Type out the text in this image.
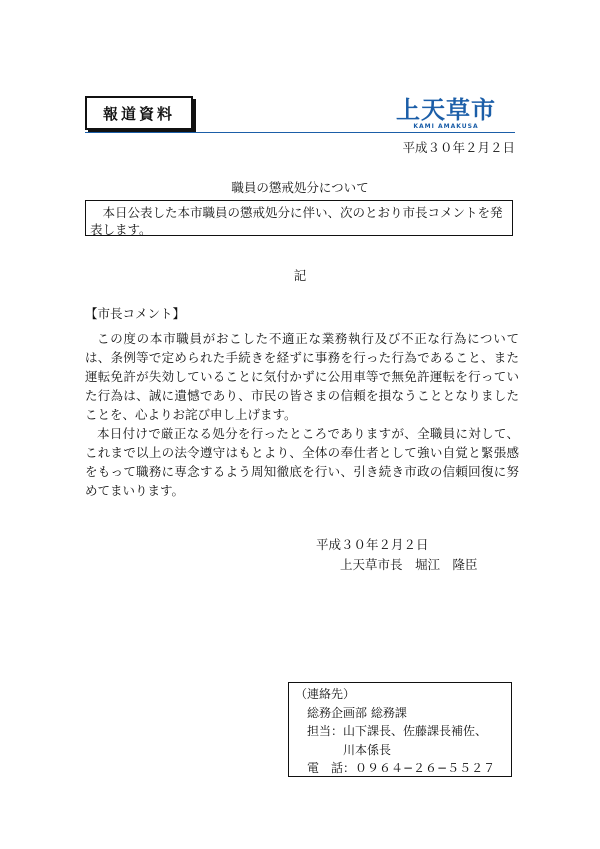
報道資料	上天草市
KAMI AMAKUSA
平成３０年２月２日
職員の懲戒処分について
　本日公表した本市職員の懲戒処分に伴い、次のとおり市長コメントを発表します。
記
【市長コメント】

この度の本市職員がおこした不適正な業務執行及び不正な行為については、条例等で定められた手続きを経ずに事務を行った行為であること、また運転免許が失効していることに気付かずに公用車等で無免許運転を行っていた行為は、誠に遺憾であり、市民の皆さまの信頼を損なうこととなりましたことを、心よりお詫び申し上げます。

本日付けで厳正なる処分を行ったところでありますが、全職員に対して、これまで以上の法令遵守はもとより、全体の奉仕者として強い自覚と緊張感をもって職務に専念するよう周知徹底を行い、引き続き市政の信頼回復に努めてまいります。

平成３０年２月２日
上天草市長　堀江　隆臣
（連絡先）
総務企画部 総務課
担当：山下課長、佐藤課長補佐、
川本係長
電　話：０９６４−２６−５５２７
